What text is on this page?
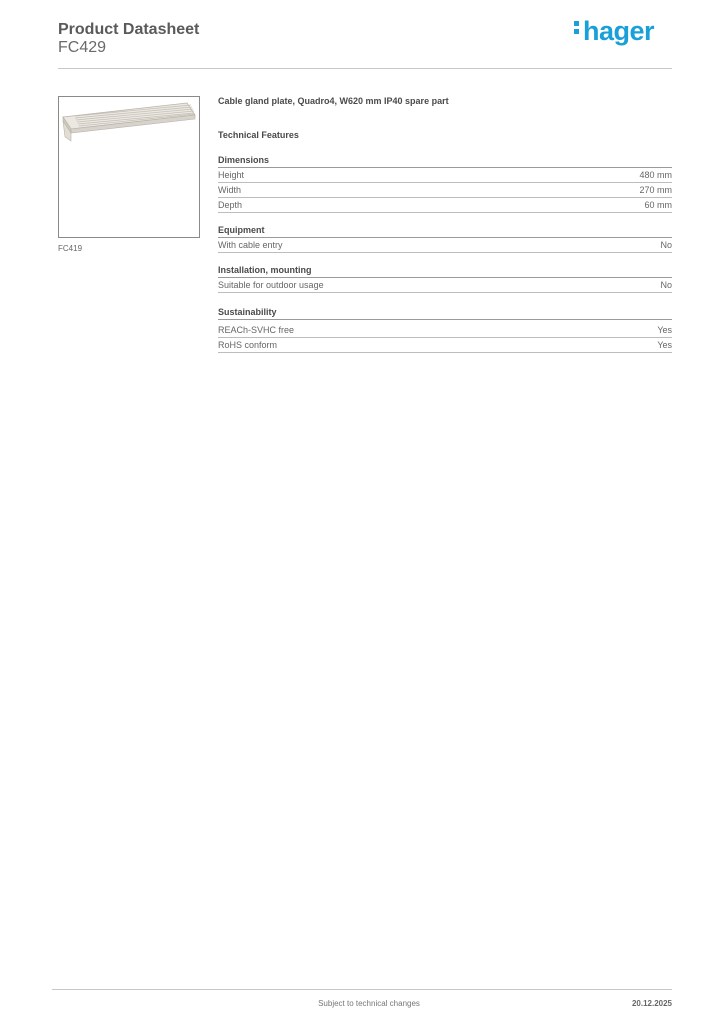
Product Datasheet
FC429
hager
FC419
Cable gland plate, Quadro4, W620 mm IP40 spare part
Technical Features
Dimensions
Height	480 mm
Width	270 mm
Depth	60 mm
Equipment
With cable entry	No
Installation, mounting
Suitable for outdoor usage	No
Sustainability
REACh-SVHC free	Yes
RoHS conform	Yes
Subject to technical changes	20.12.2025
